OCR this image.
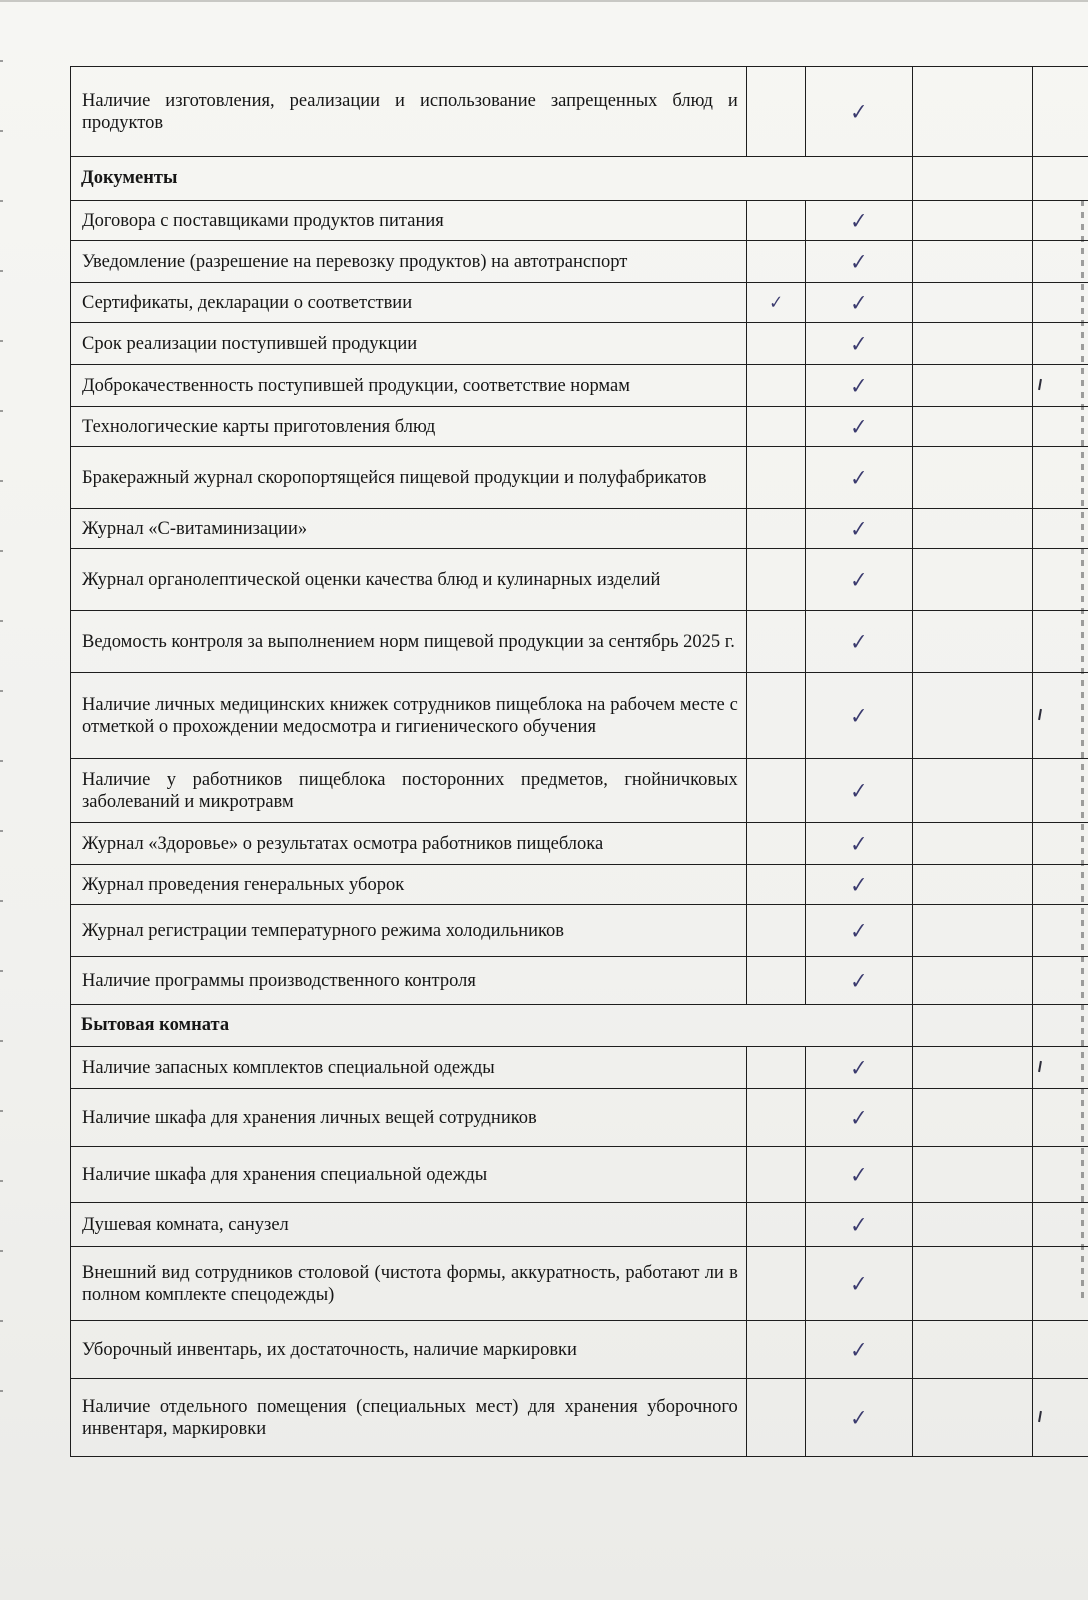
Наличие изготовления, реализации и использование запрещенных блюд и продуктов		✓		
Документы				
Договора с поставщиками продуктов питания		✓		
Уведомление (разрешение на перевозку продуктов) на автотранспорт		✓		
Сертификаты, декларации о соответствии	✓	✓		
Срок реализации поступившей продукции		✓		
Доброкачественность поступившей продукции, соответствие нормам		✓		
Технологические карты приготовления блюд		✓		
Бракеражный журнал скоропортящейся пищевой продукции и полуфабрикатов		✓		
Журнал «С-витаминизации»		✓		
Журнал органолептической оценки качества блюд и кулинарных изделий		✓		
Ведомость контроля за выполнением норм пищевой продукции за сентябрь 2025 г.		✓		
Наличие личных медицинских книжек сотрудников пищеблока на рабочем месте с отметкой о прохождении медосмотра и гигиенического обучения		✓		
Наличие у работников пищеблока посторонних предметов, гнойничковых заболеваний и микротравм		✓		
Журнал «Здоровье» о результатах осмотра работников пищеблока		✓		
Журнал проведения генеральных уборок		✓		
Журнал регистрации температурного режима холодильников		✓		
Наличие программы производственного контроля		✓		
Бытовая комната				
Наличие запасных комплектов специальной одежды		✓		
Наличие шкафа для хранения личных вещей сотрудников		✓		
Наличие шкафа для хранения специальной одежды		✓		
Душевая комната, санузел		✓		
Внешний вид сотрудников столовой (чистота формы, аккуратность, работают ли в полном комплекте спецодежды)		✓		
Уборочный инвентарь, их достаточность, наличие маркировки		✓		
Наличие отдельного помещения (специальных мест) для хранения уборочного инвентаря, маркировки		✓		
